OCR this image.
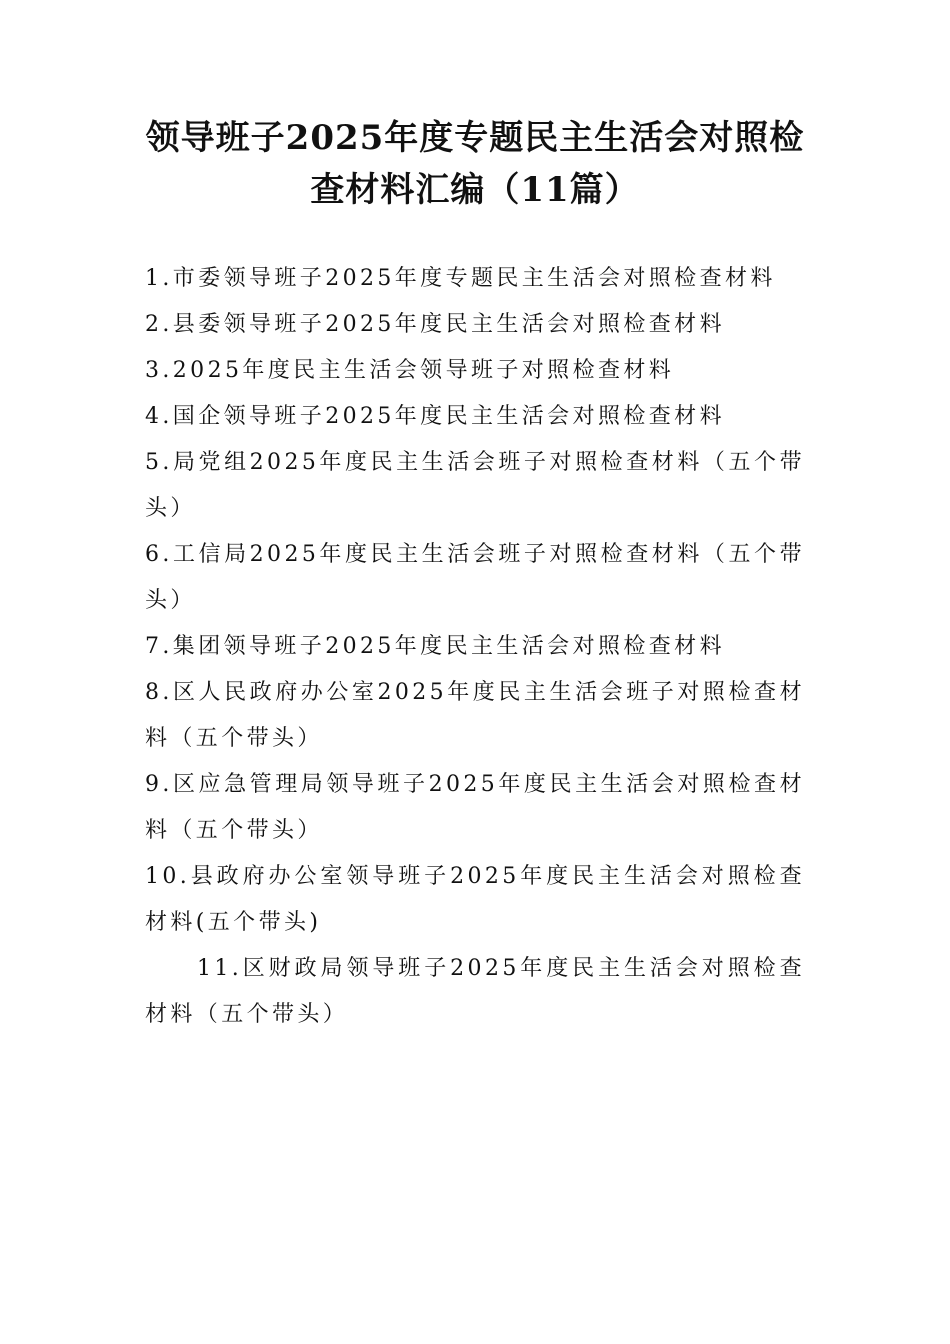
领导班子2025年度专题民主生活会对照检
查材料汇编（11篇）
1.市委领导班子2025年度专题民主生活会对照检查材料
2.县委领导班子2025年度民主生活会对照检查材料
3.2025年度民主生活会领导班子对照检查材料
4.国企领导班子2025年度民主生活会对照检查材料
5.局党组2025年度民主生活会班子对照检查材料（五个带头）
6.工信局2025年度民主生活会班子对照检查材料（五个带头）
7.集团领导班子2025年度民主生活会对照检查材料
8.区人民政府办公室2025年度民主生活会班子对照检查材料（五个带头）
9.区应急管理局领导班子2025年度民主生活会对照检查材料（五个带头）
10.县政府办公室领导班子2025年度民主生活会对照检查材料(五个带头)
11.区财政局领导班子2025年度民主生活会对照检查材料（五个带头）
